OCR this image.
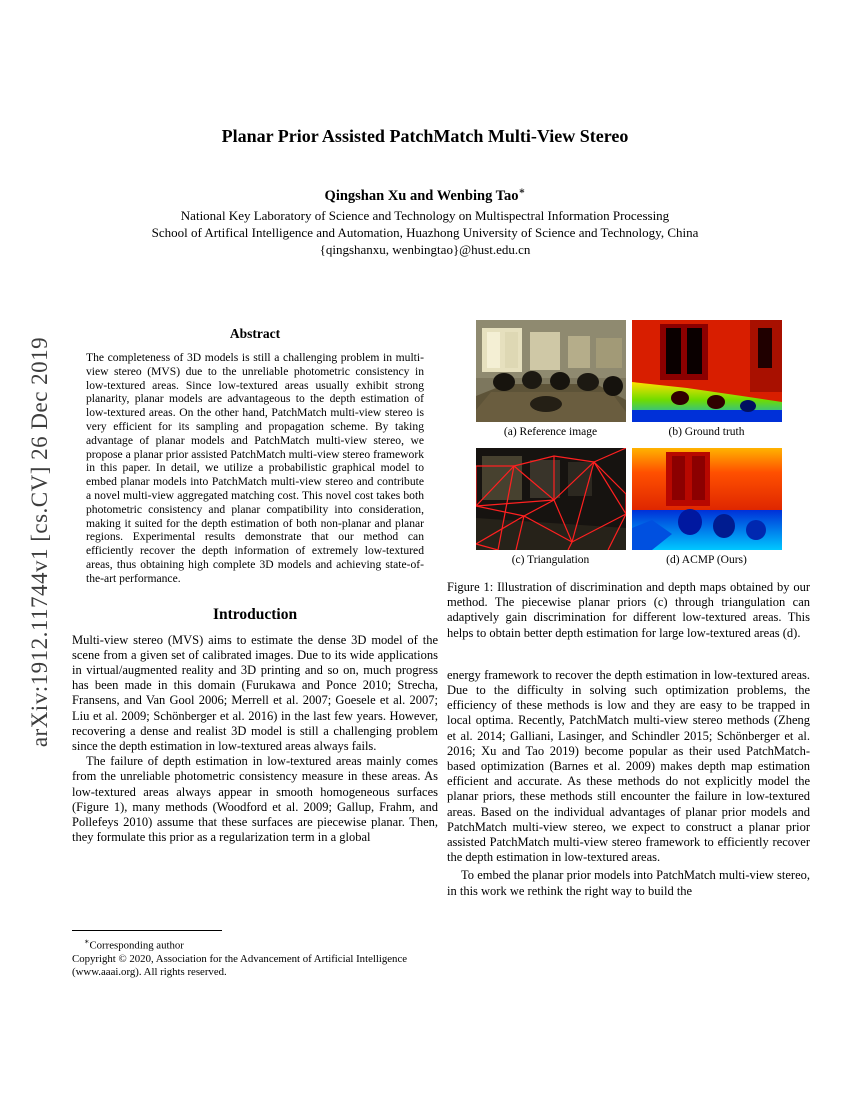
arXiv:1912.11744v1 [cs.CV] 26 Dec 2019
Planar Prior Assisted PatchMatch Multi-View Stereo
Qingshan Xu and Wenbing Tao∗
National Key Laboratory of Science and Technology on Multispectral Information Processing
School of Artifical Intelligence and Automation, Huazhong University of Science and Technology, China
{qingshanxu, wenbingtao}@hust.edu.cn
Abstract
The completeness of 3D models is still a challenging problem in multi-view stereo (MVS) due to the unreliable photometric consistency in low-textured areas. Since low-textured areas usually exhibit strong planarity, planar models are advantageous to the depth estimation of low-textured areas. On the other hand, PatchMatch multi-view stereo is very efficient for its sampling and propagation scheme. By taking advantage of planar models and PatchMatch multi-view stereo, we propose a planar prior assisted PatchMatch multi-view stereo framework in this paper. In detail, we utilize a probabilistic graphical model to embed planar models into PatchMatch multi-view stereo and contribute a novel multi-view aggregated matching cost. This novel cost takes both photometric consistency and planar compatibility into consideration, making it suited for the depth estimation of both non-planar and planar regions. Experimental results demonstrate that our method can efficiently recover the depth information of extremely low-textured areas, thus obtaining high complete 3D models and achieving state-of-the-art performance.
Introduction

Multi-view stereo (MVS) aims to estimate the dense 3D model of the scene from a given set of calibrated images. Due to its wide applications in virtual/augmented reality and 3D printing and so on, much progress has been made in this domain (Furukawa and Ponce 2010; Strecha, Fransens, and Van Gool 2006; Merrell et al. 2007; Goesele et al. 2007; Liu et al. 2009; Schönberger et al. 2016) in the last few years. However, recovering a dense and realist 3D model is still a challenging problem since the depth estimation in low-textured areas always fails.

The failure of depth estimation in low-textured areas mainly comes from the unreliable photometric consistency measure in these areas. As low-textured areas always appear in smooth homogeneous surfaces (Figure 1), many methods (Woodford et al. 2009; Gallup, Frahm, and Pollefeys 2010) assume that these surfaces are piecewise planar. Then, they formulate this prior as a regularization term in a global

(a) Reference image	(b) Ground truth
(c) Triangulation	(d) ACMP (Ours)
Figure 1: Illustration of discrimination and depth maps obtained by our method. The piecewise planar priors (c) through triangulation can adaptively gain discrimination for different low-textured areas. This helps to obtain better depth estimation for large low-textured areas (d).

energy framework to recover the depth estimation in low-textured areas. Due to the difficulty in solving such optimization problems, the efficiency of these methods is low and they are easy to be trapped in local optima. Recently, PatchMatch multi-view stereo methods (Zheng et al. 2014; Galliani, Lasinger, and Schindler 2015; Schönberger et al. 2016; Xu and Tao 2019) become popular as their used PatchMatch-based optimization (Barnes et al. 2009) makes depth map estimation efficient and accurate. As these methods do not explicitly model the planar priors, these methods still encounter the failure in low-textured areas. Based on the individual advantages of planar prior models and PatchMatch multi-view stereo, we expect to construct a planar prior assisted PatchMatch multi-view stereo framework to efficiently recover the depth estimation in low-textured areas.

To embed the planar prior models into PatchMatch multi-view stereo, in this work we rethink the right way to build the

∗Corresponding author
Copyright © 2020, Association for the Advancement of Artificial Intelligence (www.aaai.org). All rights reserved.
